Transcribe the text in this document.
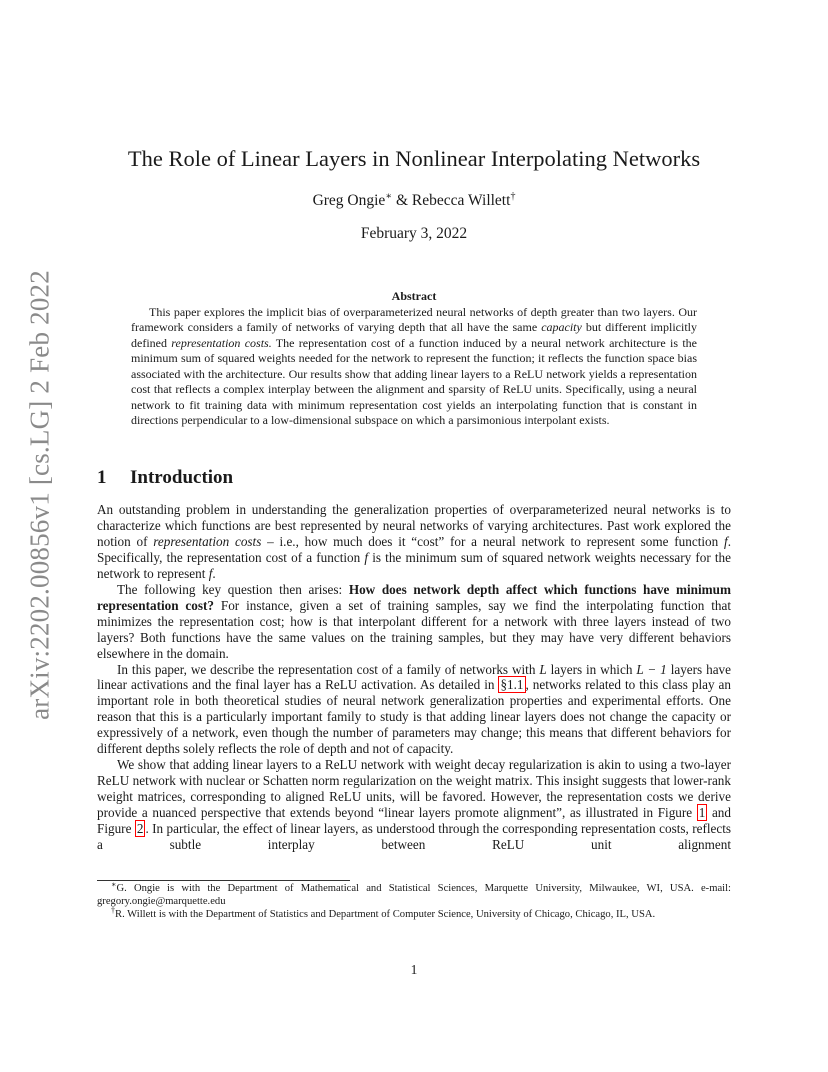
arXiv:2202.00856v1 [cs.LG] 2 Feb 2022
The Role of Linear Layers in Nonlinear Interpolating Networks
Greg Ongie∗ & Rebecca Willett†
February 3, 2022
Abstract
This paper explores the implicit bias of overparameterized neural networks of depth greater than two layers. Our framework considers a family of networks of varying depth that all have the same capacity but different implicitly defined representation costs. The representation cost of a function induced by a neural network architecture is the minimum sum of squared weights needed for the network to represent the function; it reflects the function space bias associated with the architecture. Our results show that adding linear layers to a ReLU network yields a representation cost that reflects a complex interplay between the alignment and sparsity of ReLU units. Specifically, using a neural network to fit training data with minimum representation cost yields an interpolating function that is constant in directions perpendicular to a low-dimensional subspace on which a parsimonious interpolant exists.
1 Introduction

An outstanding problem in understanding the generalization properties of overparameterized neural networks is to characterize which functions are best represented by neural networks of varying architectures. Past work explored the notion of representation costs – i.e., how much does it “cost” for a neural network to represent some function f. Specifically, the representation cost of a function f is the minimum sum of squared network weights necessary for the network to represent f.

The following key question then arises: How does network depth affect which functions have minimum representation cost? For instance, given a set of training samples, say we find the interpolating function that minimizes the representation cost; how is that interpolant different for a network with three layers instead of two layers? Both functions have the same values on the training samples, but they may have very different behaviors elsewhere in the domain.

In this paper, we describe the representation cost of a family of networks with L layers in which L − 1 layers have linear activations and the final layer has a ReLU activation. As detailed in §1.1 , networks related to this class play an important role in both theoretical studies of neural network generalization properties and experimental efforts. One reason that this is a particularly important family to study is that adding linear layers does not change the capacity or expressively of a network, even though the number of parameters may change; this means that different behaviors for different depths solely reflects the role of depth and not of capacity.

We show that adding linear layers to a ReLU network with weight decay regularization is akin to using a two-layer ReLU network with nuclear or Schatten norm regularization on the weight matrix. This insight suggests that lower-rank weight matrices, corresponding to aligned ReLU units, will be favored. However, the representation costs we derive provide a nuanced perspective that extends beyond “linear layers promote alignment”, as illustrated in Figure 1 and Figure 2 . In particular, the effect of linear layers, as understood through the corresponding representation costs, reflects a subtle interplay between ReLU unit alignment

∗G. Ongie is with the Department of Mathematical and Statistical Sciences, Marquette University, Milwaukee, WI, USA. e-mail: gregory.ongie@marquette.edu

†R. Willett is with the Department of Statistics and Department of Computer Science, University of Chicago, Chicago, IL, USA.

1
